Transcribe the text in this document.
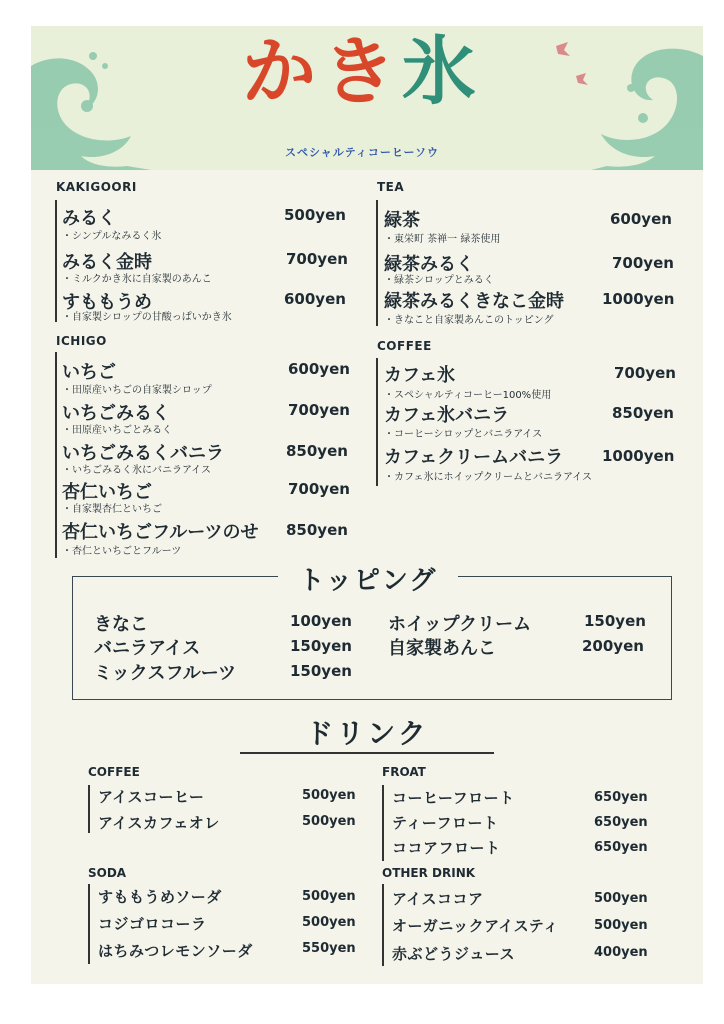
かき氷
スペシャルティコーヒーソウ
KAKIGOORI
みるく	500yen
・シンプルなみるく氷
みるく金時	700yen
・ミルクかき氷に自家製のあんこ
すももうめ	600yen
・自家製シロップの甘酸っぱいかき氷
ICHIGO
いちご	600yen
・田原産いちごの自家製シロップ
いちごみるく	700yen
・田原産いちごとみるく
いちごみるくバニラ	850yen
・いちごみるく氷にバニラアイス
杏仁いちご	700yen
・自家製杏仁といちご
杏仁いちごフルーツのせ 850yen
・杏仁といちごとフルーツ
TEA
緑茶	600yen
・東栄町 茶禅一 緑茶使用
緑茶みるく	700yen
・緑茶シロップとみるく
緑茶みるくきなこ金時	1000yen
・きなこと自家製あんこのトッピング
COFFEE
カフェ氷	700yen
・スペシャルティコーヒー100%使用
カフェ氷バニラ	850yen
・コーヒーシロップとバニラアイス
カフェクリームバニラ	1000yen
・カフェ氷にホイップクリームとバニラアイス
トッピング
きなこ	100yen
バニラアイス	150yen
ミックスフルーツ	150yen
ホイップクリーム	150yen
自家製あんこ	200yen
ドリンク
COFFEE
アイスコーヒー	500yen
アイスカフェオレ	500yen
SODA
すももうめソーダ	500yen
コジゴロコーラ	500yen
はちみつレモンソーダ	550yen
FROAT
コーヒーフロート	650yen
ティーフロート	650yen
ココアフロート	650yen
OTHER DRINK
アイスココア	500yen
オーガニックアイスティ	500yen
赤ぶどうジュース	400yen
